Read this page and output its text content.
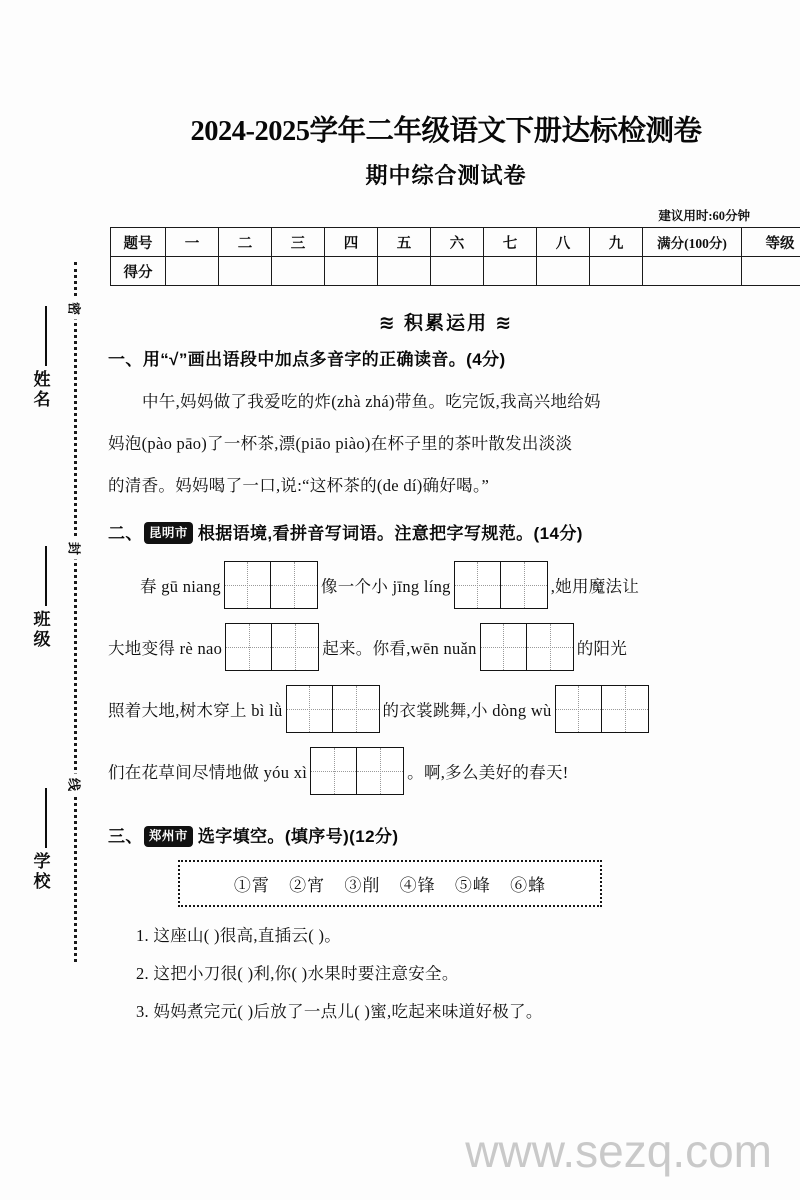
密
封
线
姓名
班级
学校
2024-2025学年二年级语文下册达标检测卷
期中综合测试卷
建议用时:60分钟
题号	一	二	三	四	五	六	七	八	九	满分(100分)	等级
得分											
≋ 积累运用 ≋
一、用“√”画出语段中加点多音字的正确读音。(4分)

中午,妈妈做了我爱吃的炸(zhà zhá)带鱼。吃完饭,我高兴地给妈
妈泡(pào pāo)了一杯茶,漂(piāo piào)在杯子里的茶叶散发出淡淡
的清香。妈妈喝了一口,说:“这杯茶的(de dí)确好喝。”

二、 昆明市 根据语境,看拼音写词语。注意把字写规范。(14分)
春 gū niang	像一个小 jīng líng	,她用魔法让
大地变得 rè nao	起来。你看,wēn nuǎn	的阳光
照着大地,树木穿上 bì lǜ	的衣裳跳舞,小 dòng wù
们在花草间尽情地做 yóu xì	。啊,多么美好的春天!
三、 郑州市 选字填空。(填序号)(12分)
①霄 ②宵 ③削 ④锋 ⑤峰 ⑥蜂
1. 这座山( )很高,直插云( )。
2. 这把小刀很( )利,你( )水果时要注意安全。
3. 妈妈煮完元( )后放了一点儿( )蜜,吃起来味道好极了。
www.sezq.com
